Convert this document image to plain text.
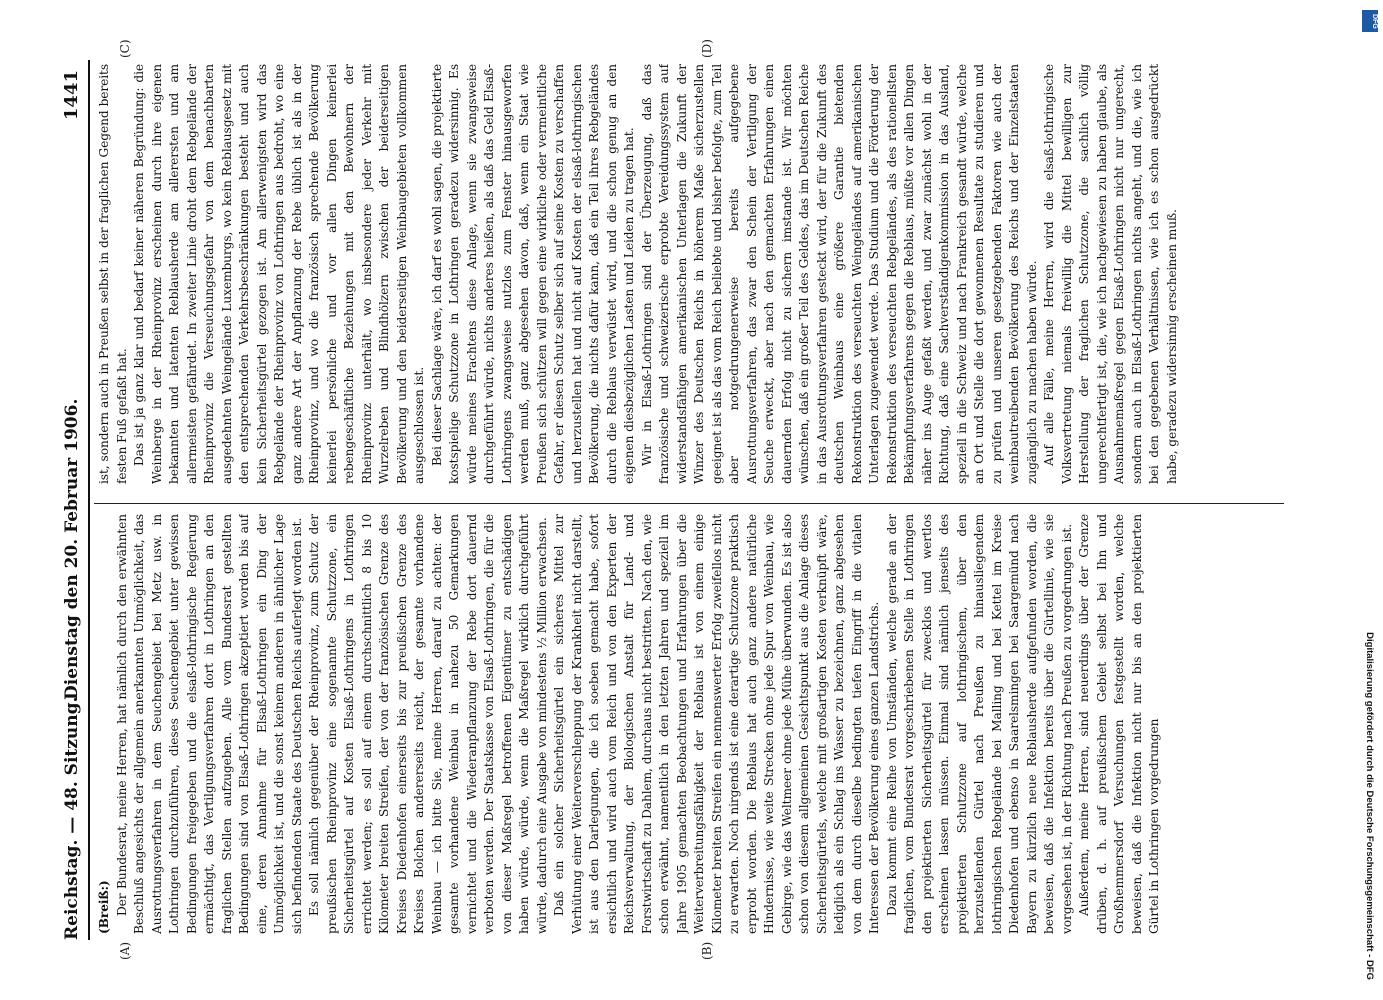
Reichstag. — 48. Sitzung.
Dienstag den 20. Februar 1906.
1441
(A)	(B)
(C)	(D)

(Breiß:) Der Bundesrat, meine Herren, hat nämlich durch den erwähnten Beschluß angesichts der allgemein anerkannten Unmöglichkeit, das Ausrottungsverfahren in dem Seuchengebiet bei Metz usw. in Lothringen durchzuführen, dieses Seuchengebiet unter gewissen Bedingungen freigegeben und die elsaß-lothringische Regierung ermächtigt, das Vertilgungsverfahren dort in Lothringen an den fraglichen Stellen aufzugeben. Alle vom Bundesrat gestellten Bedingungen sind von Elsaß-Lothringen akzeptiert worden bis auf eine, deren Annahme für Elsaß-Lothringen ein Ding der Unmöglichkeit ist, und die sonst keinem anderen in ähnlicher Lage sich befindenden Staate des Deutschen Reichs auferlegt worden ist. Es soll nämlich gegenüber der Rheinprovinz, zum Schutz der preußischen Rheinprovinz eine sogenannte Schutzzone, ein Sicherheitsgürtel auf Kosten Elsaß-Lothringens in Lothringen errichtet werden; es soll auf einem durchschnittlich 8 bis 10 Kilometer breiten Streifen, der von der französischen Grenze des Kreises Diedenhofen einerseits bis zur preußischen Grenze des Kreises Bolchen andererseits reicht, der gesamte vorhandene Weinbau — ich bitte Sie, meine Herren, darauf zu achten: der gesamte vorhandene Weinbau in nahezu 50 Gemarkungen vernichtet und die Wiederanpflanzung der Rebe dort dauernd verboten werden. Der Staatskasse von Elsaß-Lothringen, die für die von dieser Maßregel betroffenen Eigentümer zu entschädigen haben würde, würde, wenn die Maßregel wirklich durchgeführt würde, dadurch eine Ausgabe von mindestens ½ Million erwachsen. Daß ein solcher Sicherheitsgürtel ein sicheres Mittel zur Verhütung einer Weiterverschleppung der Krankheit nicht darstellt, ist aus den Darlegungen, die ich soeben gemacht habe, sofort ersichtlich und wird auch vom Reich und von den Experten der Reichsverwaltung, der Biologischen Anstalt für Land- und Forstwirtschaft zu Dahlem, durchaus nicht bestritten. Nach den, wie schon erwähnt, namentlich in den letzten Jahren und speziell im Jahre 1905 gemachten Beobachtungen und Erfahrungen über die Weiterverbreitungsfähigkeit der Reblaus ist von einem einige Kilometer breiten Streifen ein nennenswerter Erfolg zweifellos nicht zu erwarten. Noch nirgends ist eine derartige Schutzzone praktisch erprobt worden. Die Reblaus hat auch ganz andere natürliche Hindernisse, wie weite Strecken ohne jede Spur von Weinbau, wie Gebirge, wie das Weltmeer ohne jede Mühe überwunden. Es ist also schon von diesem allgemeinen Gesichtspunkt aus die Anlage dieses Sicherheitsgürtels, welche mit großartigen Kosten verknüpft wäre, lediglich als ein Schlag ins Wasser zu bezeichnen, ganz abgesehen von dem durch dieselbe bedingten tiefen Eingriff in die vitalen Interessen der Bevölkerung eines ganzen Landstrichs. Dazu kommt eine Reihe von Umständen, welche gerade an der fraglichen, vom Bundesrat vorgeschriebenen Stelle in Lothringen den projektierten Sicherheitsgürtel für zwecklos und wertlos erscheinen lassen müssen. Einmal sind nämlich jenseits des projektierten Schutzzone auf lothringischem, über den herzustellenden Gürtel nach Preußen zu hinausliegendem lothringischen Rebgelände bei Malling und bei Kettel im Kreise Diedenhofen und ebenso in Saarelsmingen bei Saargemünd nach Bayern zu kürzlich neue Reblausherde aufgefunden worden, die beweisen, daß die Infektion bereits über die Gürtellinie, wie sie vorgesehen ist, in der Richtung nach Preußen zu vorgedrungen ist. Außerdem, meine Herren, sind neuerdings über der Grenze drüben, d. h. auf preußischem Gebiet selbst bei Ihn und Großhemmersdorf Versuchungen festgestellt worden, welche beweisen, daß die Infektion nicht nur bis an den projektierten Gürtel in Lothringen vorgedrungen

ist, sondern auch in Preußen selbst in der fraglichen Gegend bereits festen Fuß gefaßt hat. Das ist ja ganz klar und bedarf keiner näheren Begründung: die Weinberge in der Rheinprovinz erscheinen durch ihre eigenen bekannten und latenten Reblausherde am allerersten und am allermeisten gefährdet. In zweiter Linie droht dem Rebgelände der Rheinprovinz die Verseuchungsgefahr von dem benachbarten ausgedehnten Weingelände Luxemburgs, wo kein Reblausgesetz mit den entsprechenden Verkehrsbeschränkungen besteht und auch kein Sicherheitsgürtel gezogen ist. Am allerwenigsten wird das Rebgelände der Rheinprovinz von Lothringen aus bedroht, wo eine ganz andere Art der Anpflanzung der Rebe üblich ist als in der Rheinprovinz, und wo die französisch sprechende Bevölkerung keinerlei persönliche und vor allen Dingen keinerlei rebengeschäftliche Beziehungen mit den Bewohnern der Rheinprovinz unterhält, wo insbesondere jeder Verkehr mit Wurzelreben und Blindhölzern zwischen der beiderseitigen Bevölkerung und den beiderseitigen Weinbaugebieten vollkommen ausgeschlossen ist. Bei dieser Sachlage wäre, ich darf es wohl sagen, die projektierte kostspielige Schutzzone in Lothringen geradezu widersinnig. Es würde meines Erachtens diese Anlage, wenn sie zwangsweise durchgeführt würde, nichts anderes heißen, als daß das Geld Elsaß-Lothringens zwangsweise nutzlos zum Fenster hinausgeworfen werden muß, ganz abgesehen davon, daß, wenn ein Staat wie Preußen sich schützen will gegen eine wirkliche oder vermeintliche Gefahr, er diesen Schutz selber sich auf seine Kosten zu verschaffen und herzustellen hat und nicht auf Kosten der elsaß-lothringischen Bevölkerung, die nichts dafür kann, daß ein Teil ihres Rebgeländes durch die Reblaus verwüstet wird, und die schon genug an den eigenen diesbezüglichen Lasten und Leiden zu tragen hat. Wir in Elsaß-Lothringen sind der Überzeugung, daß das französische und schweizerische erprobte Vereidungssystem auf widerstandsfähigen amerikanischen Unterlagen die Zukunft der Winzer des Deutschen Reichs in höherem Maße sicherzustellen geeignet ist als das vom Reich beliebte und bisher befolgte, zum Teil aber notgedrungenerweise bereits aufgegebene Ausrottungsverfahren, das zwar den Schein der Vertilgung der Seuche erweckt, aber nach den gemachten Erfahrungen einen dauernden Erfolg nicht zu sichern imstande ist. Wir möchten wünschen, daß ein großer Teil des Geldes, das im Deutschen Reiche in das Ausrottungsverfahren gesteckt wird, der für die Zukunft des deutschen Weinbaus eine größere Garantie bietenden Rekonstruktion des verseuchten Weingeländes auf amerikanischen Unterlagen zugewendet werde. Das Studium und die Förderung der Rekonstruktion des verseuchten Rebgeländes, als des rationellsten Bekämpfungsverfahrens gegen die Reblaus, müßte vor allen Dingen näher ins Auge gefaßt werden, und zwar zunächst wohl in der Richtung, daß eine Sachverständigenkommission in das Ausland, speziell in die Schweiz und nach Frankreich gesandt würde, welche an Ort und Stelle die dort gewonnenen Resultate zu studieren und zu prüfen und unseren gesetzgebenden Faktoren wie auch der weinbautreibenden Bevölkerung des Reichs und der Einzelstaaten zugänglich zu machen haben würde. Auf alle Fälle, meine Herren, wird die elsaß-lothringische Volksvertretung niemals freiwillig die Mittel bewilligen zur Herstellung der fraglichen Schutzzone, die sachlich völlig ungerechtfertigt ist, die, wie ich nachgewiesen zu haben glaube, als Ausnahmemaßregel gegen Elsaß-Lothringen nicht nur ungerecht, sondern auch in Elsaß-Lothringen nichts angeht, und die, wie ich bei den gegebenen Verhältnissen, wie ich es schon ausgedrückt habe, geradezu widersinnig erscheinen muß.

DFG
Digitalisierung gefördert durch die Deutsche Forschungsgemeinschaft - DFG
